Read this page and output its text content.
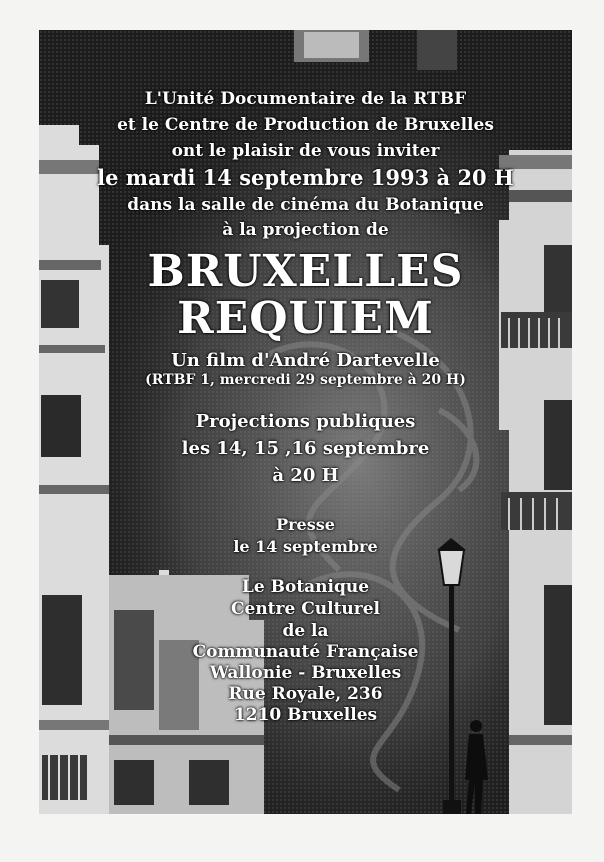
L'Unité Documentaire de la RTBF
et le Centre de Production de Bruxelles
ont le plaisir de vous inviter
le mardi 14 septembre 1993 à 20 H
dans la salle de cinéma du Botanique
à la projection de
BRUXELLES
REQUIEM
Un film d'André Dartevelle
(RTBF 1, mercredi 29 septembre à 20 H)
Projections publiques
les 14, 15 ,16 septembre
à 20 H
Presse
le 14 septembre
Le Botanique
Centre Culturel
de la
Communauté Française
Wallonie - Bruxelles
Rue Royale, 236
1210 Bruxelles
